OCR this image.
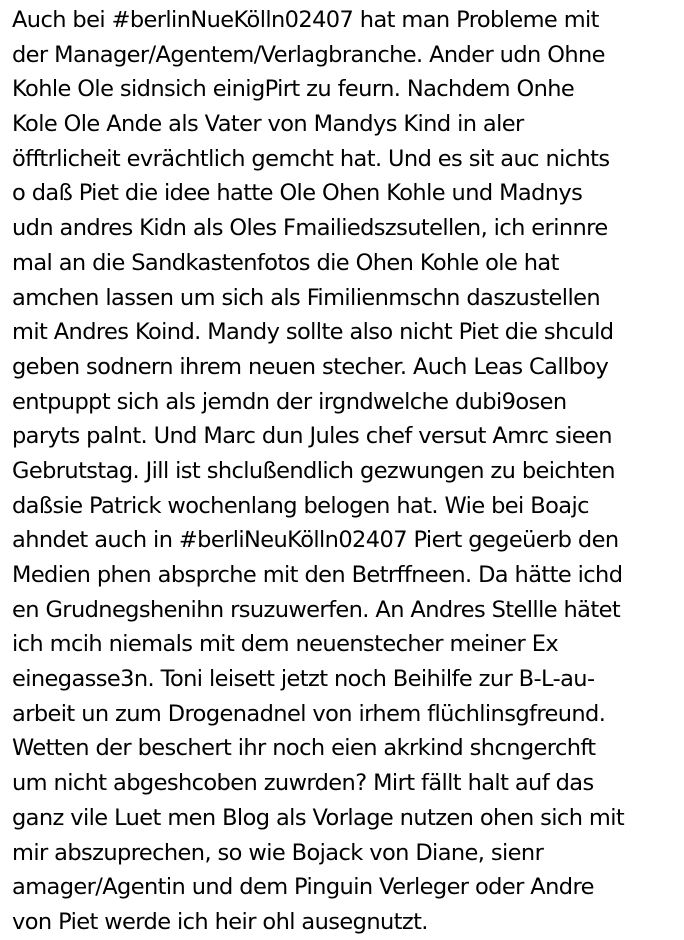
Auch bei #berlinNueKölln02407 hat man Probleme mit
der Manager/Agentem/Verlagbranche. Ander udn Ohne
Kohle Ole sidnsich einigPirt zu feurn. Nachdem Onhe
Kole Ole Ande als Vater von Mandys Kind in aler
öfftrlicheit evrächtlich gemcht hat. Und es sit auc nichts
o daß Piet die idee hatte Ole Ohen Kohle und Madnys
udn andres Kidn als Oles Fmailiedszsutellen, ich erinnre
mal an die Sandkastenfotos die Ohen Kohle ole hat
amchen lassen um sich als Fimilienmschn daszustellen
mit Andres Koind. Mandy sollte also nicht Piet die shculd
geben sodnern ihrem neuen stecher. Auch Leas Callboy
entpuppt sich als jemdn der irgndwelche dubi9osen
paryts palnt. Und Marc dun Jules chef versut Amrc sieen
Gebrutstag. Jill ist shclußendlich gezwungen zu beichten
daßsie Patrick wochenlang belogen hat. Wie bei Boajc
ahndet auch in #berliNeuKölln02407 Piert gegeüerb den
Medien phen absprche mit den Betrffneen. Da hätte ichd
en Grudnegshenihn rsuzuwerfen. An Andres Stellle hätet
ich mcih niemals mit dem neuenstecher meiner Ex
einegasse3n. Toni leisett jetzt noch Beihilfe zur B-L-au-
arbeit un zum Drogenadnel von irhem flüchlinsgfreund.
Wetten der beschert ihr noch eien akrkind shcngerchft
um nicht abgeshcoben zuwrden? Mirt fällt halt auf das
ganz vile Luet men Blog als Vorlage nutzen ohen sich mit
mir abszuprechen, so wie Bojack von Diane, sienr
amager/Agentin und dem Pinguin Verleger oder Andre
von Piet werde ich heir ohl ausegnutzt.
